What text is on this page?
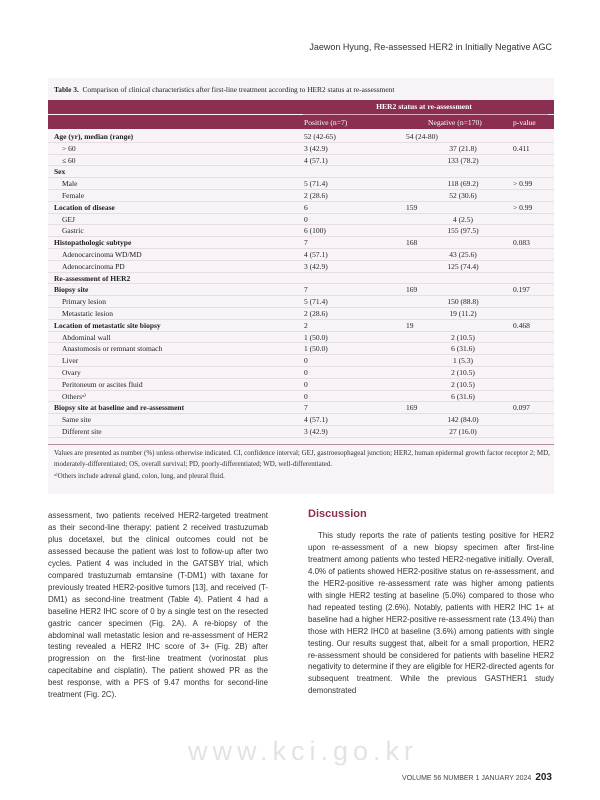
Jaewon Hyung, Re-assessed HER2 in Initially Negative AGC
Table 3. Comparison of clinical characteristics after first-line treatment according to HER2 status at re-assessment
HER2 status at re-assessment
Positive (n=7)	Negative (n=170)	p-value
Age (yr), median (range)	52 (42-65)	54 (24-80)
> 60	3 (42.9)	37 (21.8)	0.411
≤ 60	4 (57.1)	133 (78.2)
Sex
Male	5 (71.4)	118 (69.2)	> 0.99
Female	2 (28.6)	52 (30.6)
Location of disease	6	159	> 0.99
GEJ	0	4 (2.5)
Gastric	6 (100)	155 (97.5)
Histopathologic subtype	7	168	0.083
Adenocarcinoma WD/MD	4 (57.1)	43 (25.6)
Adenocarcinoma PD	3 (42.9)	125 (74.4)
Re-assessment of HER2
Biopsy site	7	169	0.197
Primary lesion	5 (71.4)	150 (88.8)
Metastatic lesion	2 (28.6)	19 (11.2)
Location of metastatic site biopsy	2	19	0.468
Abdominal wall	1 (50.0)	2 (10.5)
Anastomosis or remnant stomach	1 (50.0)	6 (31.6)
Liver	0	1 (5.3)
Ovary	0	2 (10.5)
Peritoneum or ascites fluid	0	2 (10.5)
Othersᵃ⁾	0	6 (31.6)
Biopsy site at baseline and re-assessment	7	169	0.097
Same site	4 (57.1)	142 (84.0)
Different site	3 (42.9)	27 (16.0)
Values are presented as number (%) unless otherwise indicated. CI, confidence interval; GEJ, gastroesophageal junction; HER2, human epidermal growth factor receptor 2; MD, moderately-differentiated; OS, overall survival; PD, poorly-differentiated; WD, well-differentiated.
ᵃ⁾Others include adrenal gland, colon, lung, and pleural fluid.
assessment, two patients received HER2-targeted treatment as their second-line therapy: patient 2 received trastuzumab plus docetaxel, but the clinical outcomes could not be assessed because the patient was lost to follow-up after two cycles. Patient 4 was included in the GATSBY trial, which compared trastuzumab emtansine (T-DM1) with taxane for previously treated HER2-positive tumors [13], and received (T-DM1) as second-line treatment (Table 4). Patient 4 had a baseline HER2 IHC score of 0 by a single test on the resected gastric cancer specimen (Fig. 2A). A re-biopsy of the abdominal wall metastatic lesion and re-assessment of HER2 testing revealed a HER2 IHC score of 3+ (Fig. 2B) after progression on the first-line treatment (vorinostat plus capecitabine and cisplatin). The patient showed PR as the best response, with a PFS of 9.47 months for second-line treatment (Fig. 2C).
Discussion

This study reports the rate of patients testing positive for HER2 upon re-assessment of a new biopsy specimen after first-line treatment among patients who tested HER2-negative initially. Overall, 4.0% of patients showed HER2-positive status on re-assessment, and the HER2-positive re-assessment rate was higher among patients with single HER2 testing at baseline (5.0%) compared to those who had repeated testing (2.6%). Notably, patients with HER2 IHC 1+ at baseline had a higher HER2-positive re-assessment rate (13.4%) than those with HER2 IHC0 at baseline (3.6%) among patients with single testing. Our results suggest that, albeit for a small proportion, HER2 re-assessment should be considered for patients with baseline HER2 negativity to determine if they are eligible for HER2-directed agents for subsequent treatment. While the previous GASTHER1 study demonstrated

www.kci.go.kr
VOLUME 56 NUMBER 1 JANUARY 2024 203
